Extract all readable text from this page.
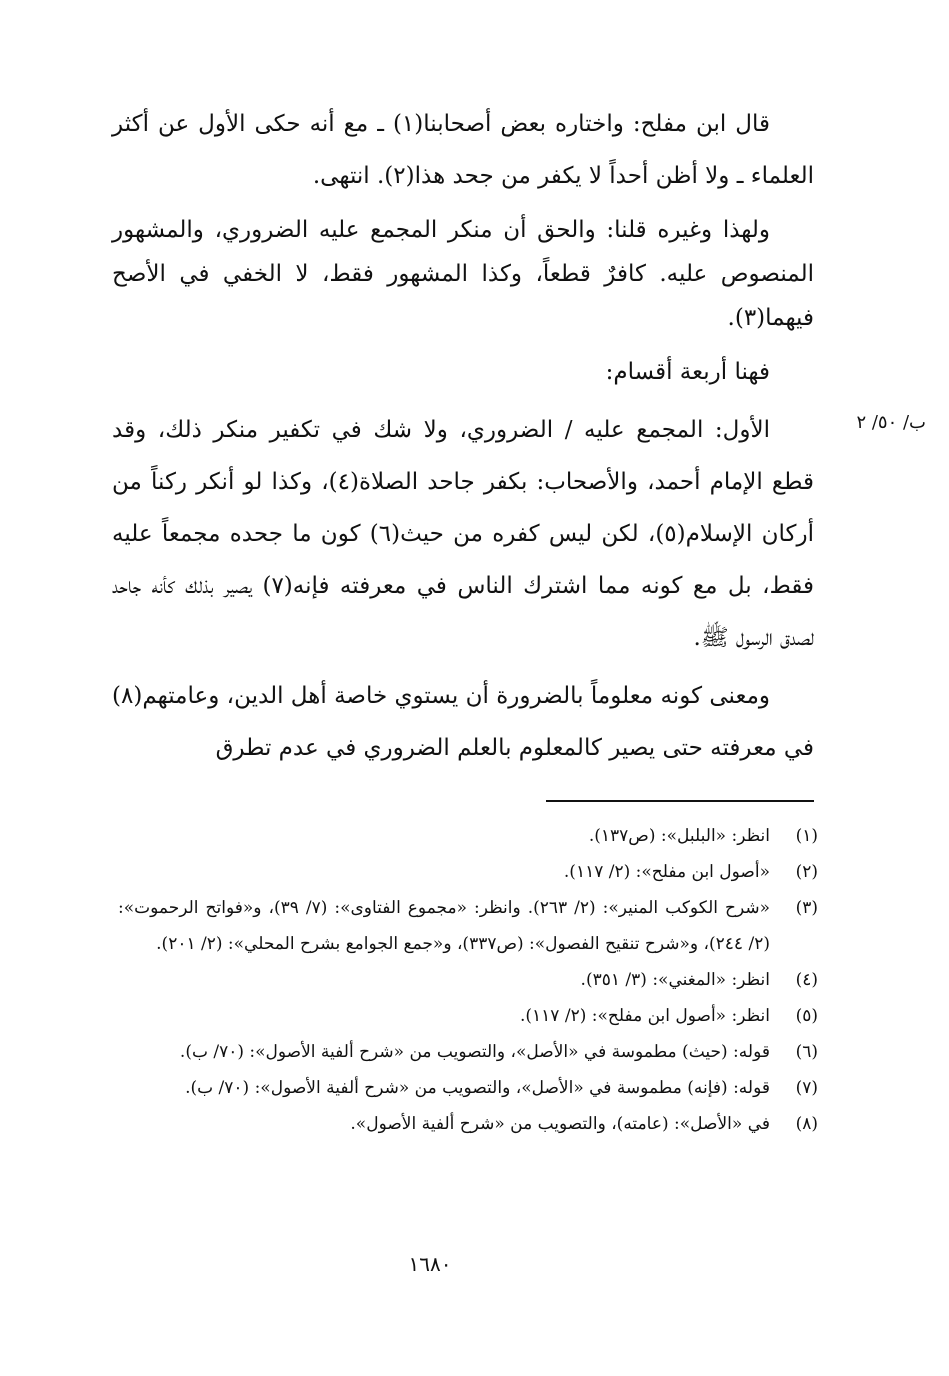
قال ابن مفلح: واختاره بعض أصحابنا(١) ـ مع أنه حكى الأول عن أكثر العلماء ـ ولا أظن أحداً لا يكفر من جحد هذا(٢). انتهى.

ولهذا وغيره قلنا: والحق أن منكر المجمع عليه الضروري، والمشهور المنصوص عليه. كافرٌ قطعاً، وكذا المشهور فقط، لا الخفي في الأصح فيهما(٣).

فهنا أربعة أقسام:

الأول: المجمع عليه / الضروري، ولا شك في تكفير منكر ذلك، وقد قطع الإمام أحمد، والأصحاب: بكفر جاحد الصلاة(٤)، وكذا لو أنكر ركناً من أركان الإسلام(٥)، لكن ليس كفره من حيث(٦) كون ما جحده مجمعاً عليه فقط، بل مع كونه مما اشترك الناس في معرفته فإنه(٧) يصير بذلك كأنه جاحد لصدق الرسول ﷺ.

ومعنى كونه معلوماً بالضرورة أن يستوي خاصة أهل الدين، وعامتهم(٨) في معرفته حتى يصير كالمعلوم بالعلم الضروري في عدم تطرق

ب/ ٥٠/ ٢
(١)
انظر: «البلبل»: (ص١٣٧).
(٢)
«أصول ابن مفلح»: (٢/ ١١٧).
(٣)
«شرح الكوكب المنير»: (٢/ ٢٦٣). وانظر: «مجموع الفتاوى»: (٧/ ٣٩)، و«فواتح الرحموت»: (٢/ ٢٤٤)، و«شرح تنقيح الفصول»: (ص٣٣٧)، و«جمع الجوامع بشرح المحلي»: (٢/ ٢٠١).
(٤)
انظر: «المغني»: (٣/ ٣٥١).
(٥)
انظر: «أصول ابن مفلح»: (٢/ ١١٧).
(٦)
قوله: (حيث) مطموسة في «الأصل»، والتصويب من «شرح ألفية الأصول»: (٧٠/ ب).
(٧)
قوله: (فإنه) مطموسة في «الأصل»، والتصويب من «شرح ألفية الأصول»: (٧٠/ ب).
(٨)
في «الأصل»: (عامته)، والتصويب من «شرح ألفية الأصول».
١٦٨٠
